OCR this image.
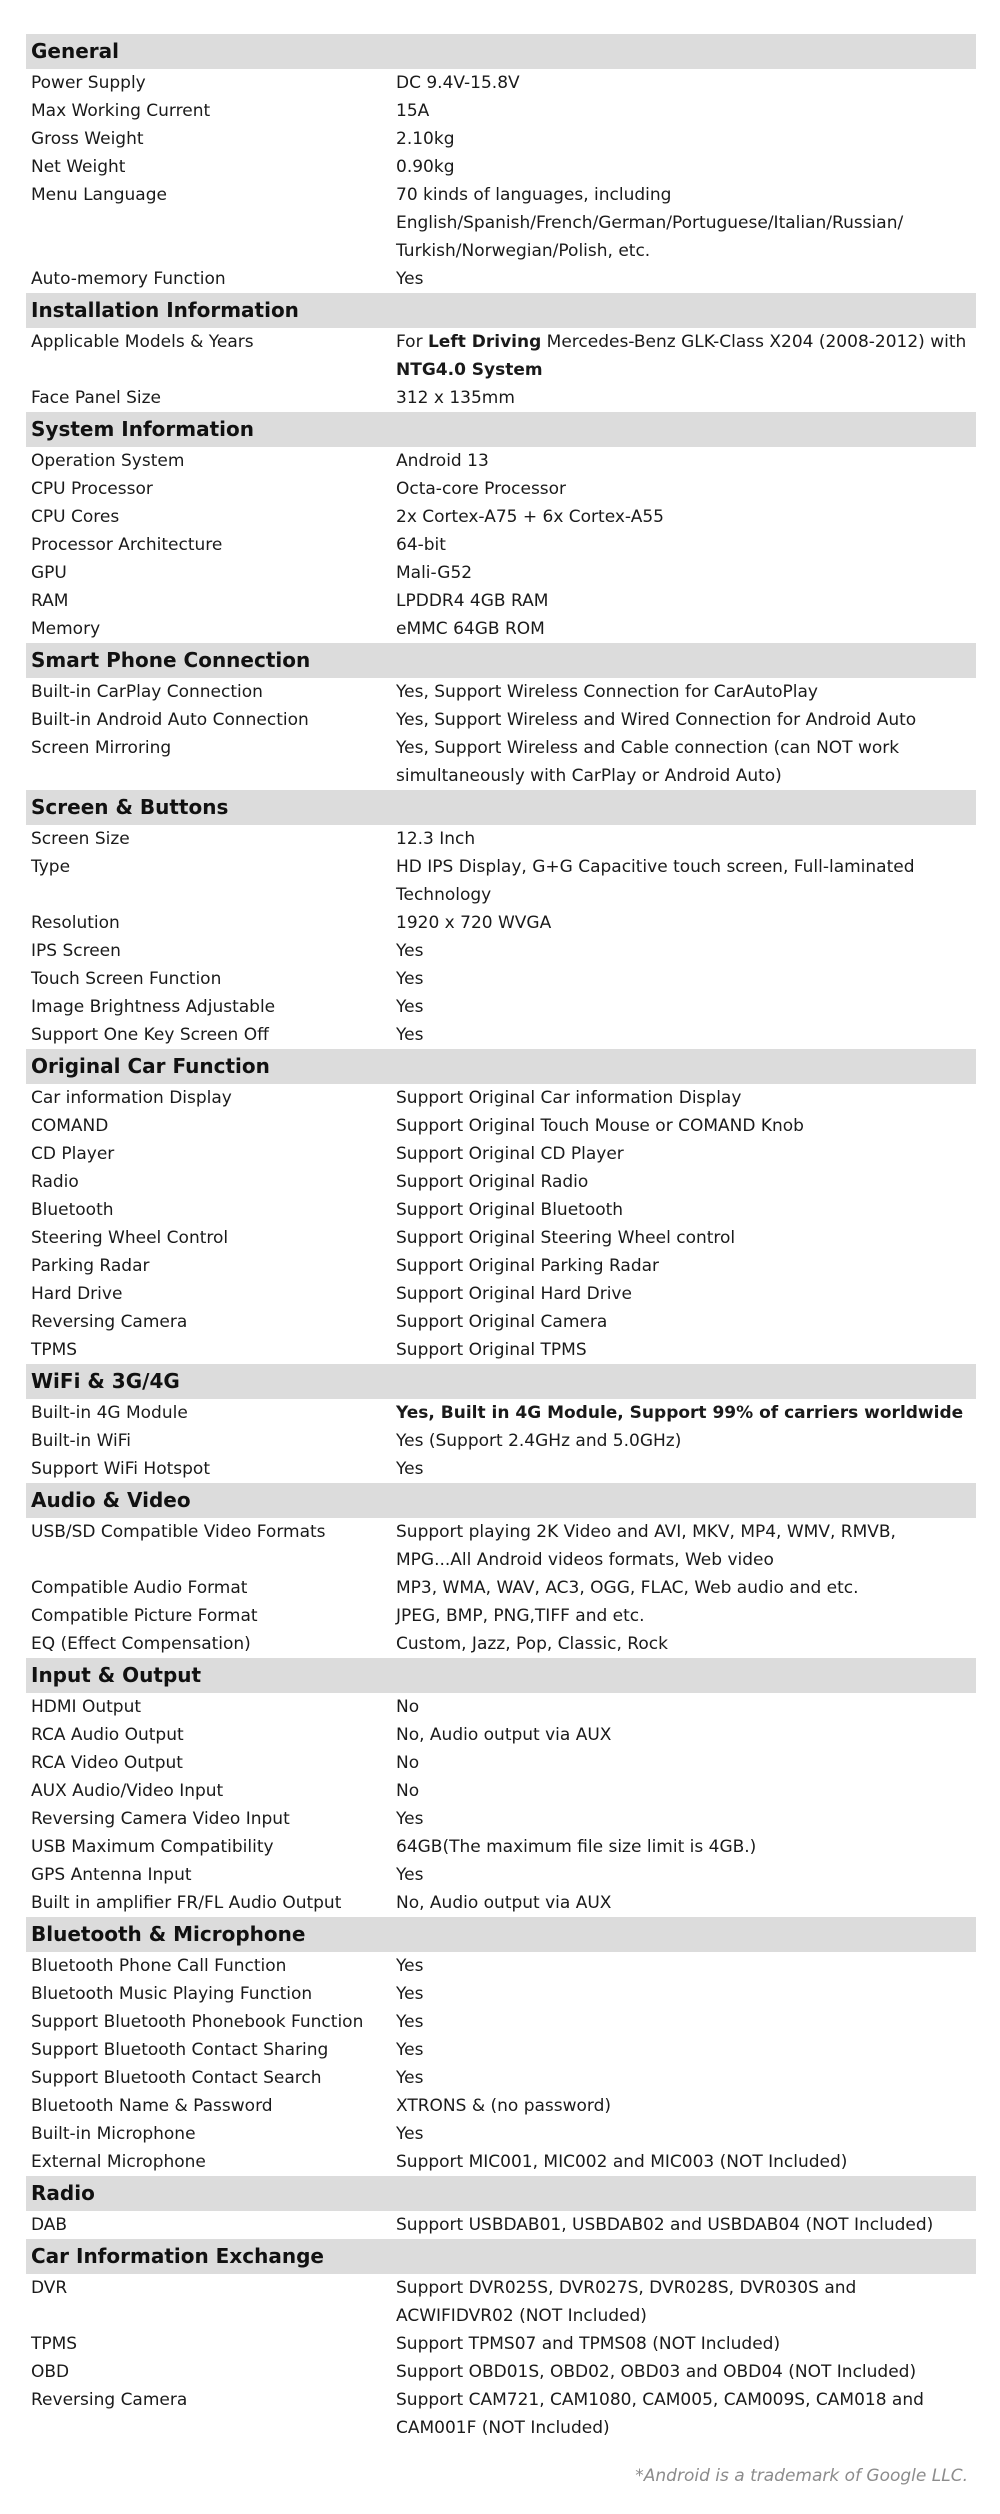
General
Power Supply	DC 9.4V-15.8V
Max Working Current	15A
Gross Weight	2.10kg
Net Weight	0.90kg
Menu Language	70 kinds of languages, including English/Spanish/French/German/Portuguese/Italian/Russian/ Turkish/Norwegian/Polish, etc.
Auto-memory Function	Yes
Installation Information
Applicable Models & Years	For Left Driving Mercedes-Benz GLK-Class X204 (2008-2012) with NTG4.0 System
Face Panel Size	312 x 135mm
System Information
Operation System	Android 13
CPU Processor	Octa-core Processor
CPU Cores	2x Cortex-A75 + 6x Cortex-A55
Processor Architecture	64-bit
GPU	Mali-G52
RAM	LPDDR4 4GB RAM
Memory	eMMC 64GB ROM
Smart Phone Connection
Built-in CarPlay Connection	Yes, Support Wireless Connection for CarAutoPlay
Built-in Android Auto Connection	Yes, Support Wireless and Wired Connection for Android Auto
Screen Mirroring	Yes, Support Wireless and Cable connection (can NOT work simultaneously with CarPlay or Android Auto)
Screen & Buttons
Screen Size	12.3 Inch
Type	HD IPS Display, G+G Capacitive touch screen, Full-laminated Technology
Resolution	1920 x 720 WVGA
IPS Screen	Yes
Touch Screen Function	Yes
Image Brightness Adjustable	Yes
Support One Key Screen Off	Yes
Original Car Function
Car information Display	Support Original Car information Display
COMAND	Support Original Touch Mouse or COMAND Knob
CD Player	Support Original CD Player
Radio	Support Original Radio
Bluetooth	Support Original Bluetooth
Steering Wheel Control	Support Original Steering Wheel control
Parking Radar	Support Original Parking Radar
Hard Drive	Support Original Hard Drive
Reversing Camera	Support Original Camera
TPMS	Support Original TPMS
WiFi & 3G/4G
Built-in 4G Module	Yes, Built in 4G Module, Support 99% of carriers worldwide
Built-in WiFi	Yes (Support 2.4GHz and 5.0GHz)
Support WiFi Hotspot	Yes
Audio & Video
USB/SD Compatible Video Formats	Support playing 2K Video and AVI, MKV, MP4, WMV, RMVB, MPG...All Android videos formats, Web video
Compatible Audio Format	MP3, WMA, WAV, AC3, OGG, FLAC, Web audio and etc.
Compatible Picture Format	JPEG, BMP, PNG,TIFF and etc.
EQ (Effect Compensation)	Custom, Jazz, Pop, Classic, Rock
Input & Output
HDMI Output	No
RCA Audio Output	No, Audio output via AUX
RCA Video Output	No
AUX Audio/Video Input	No
Reversing Camera Video Input	Yes
USB Maximum Compatibility	64GB(The maximum file size limit is 4GB.)
GPS Antenna Input	Yes
Built in amplifier FR/FL Audio Output	No, Audio output via AUX
Bluetooth & Microphone
Bluetooth Phone Call Function	Yes
Bluetooth Music Playing Function	Yes
Support Bluetooth Phonebook Function	Yes
Support Bluetooth Contact Sharing	Yes
Support Bluetooth Contact Search	Yes
Bluetooth Name & Password	XTRONS & (no password)
Built-in Microphone	Yes
External Microphone	Support MIC001, MIC002 and MIC003 (NOT Included)
Radio
DAB	Support USBDAB01, USBDAB02 and USBDAB04 (NOT Included)
Car Information Exchange
DVR	Support DVR025S, DVR027S, DVR028S, DVR030S and ACWIFIDVR02 (NOT Included)
TPMS	Support TPMS07 and TPMS08 (NOT Included)
OBD	Support OBD01S, OBD02, OBD03 and OBD04 (NOT Included)
Reversing Camera	Support CAM721, CAM1080, CAM005, CAM009S, CAM018 and CAM001F (NOT Included)
*Android is a trademark of Google LLC.
